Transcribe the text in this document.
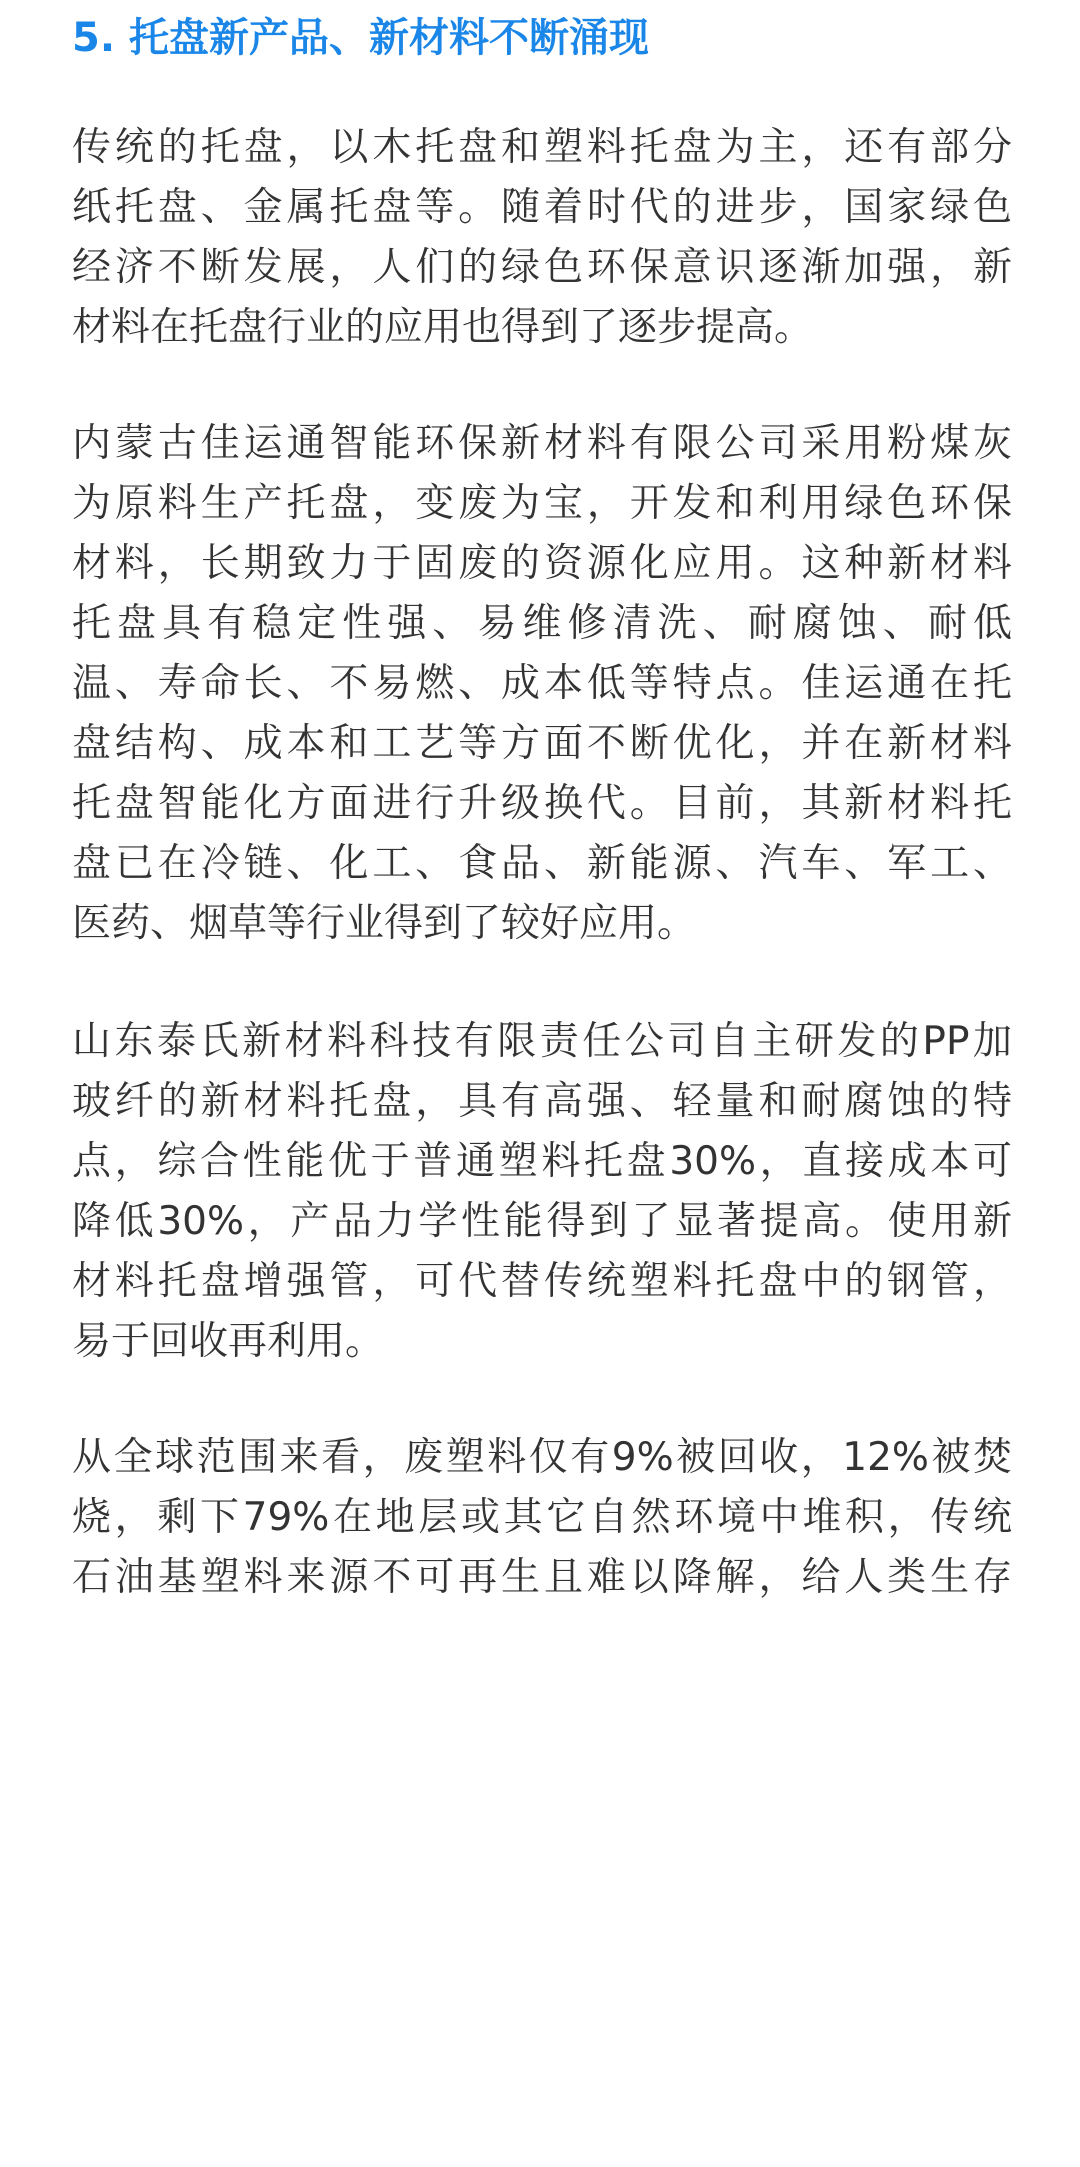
5. 托盘新产品、新材料不断涌现
传统的托盘，以木托盘和塑料托盘为主，还有部分
纸托盘、金属托盘等。随着时代的进步，国家绿色
经济不断发展，人们的绿色环保意识逐渐加强，新
材料在托盘行业的应用也得到了逐步提高。
内蒙古佳运通智能环保新材料有限公司采用粉煤灰
为原料生产托盘，变废为宝，开发和利用绿色环保
材料，长期致力于固废的资源化应用。这种新材料
托盘具有稳定性强、易维修清洗、耐腐蚀、耐低
温、寿命长、不易燃、成本低等特点。佳运通在托
盘结构、成本和工艺等方面不断优化，并在新材料
托盘智能化方面进行升级换代。目前，其新材料托
盘已在冷链、化工、食品、新能源、汽车、军工、
医药、烟草等行业得到了较好应用。
山东泰氏新材料科技有限责任公司自主研发的PP加
玻纤的新材料托盘，具有高强、轻量和耐腐蚀的特
点，综合性能优于普通塑料托盘30%，直接成本可
降低30%，产品力学性能得到了显著提高。使用新
材料托盘增强管，可代替传统塑料托盘中的钢管，
易于回收再利用。
从全球范围来看，废塑料仅有9%被回收，12%被焚
烧，剩下79%在地层或其它自然环境中堆积，传统
石油基塑料来源不可再生且难以降解，给人类生存
